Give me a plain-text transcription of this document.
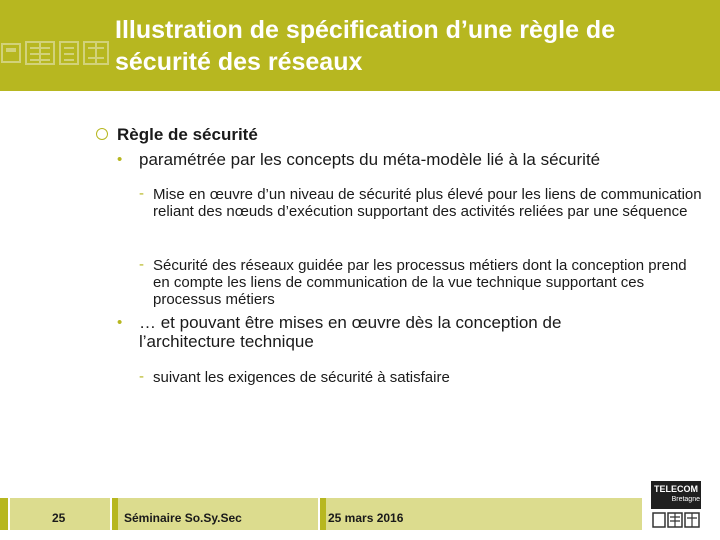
Illustration de spécification d’une règle de sécurité des réseaux
Règle de sécurité
• paramétrée par les concepts du méta-modèle lié à la sécurité
- Mise en œuvre d’un niveau de sécurité plus élevé pour les liens de communication reliant des nœuds d’exécution supportant des activités reliées par une séquence
- Sécurité des réseaux guidée par les processus métiers dont la conception prend en compte les liens de communication de la vue technique supportant ces processus métiers
• … et pouvant être mises en œuvre dès la conception de l’architecture technique
- suivant les exigences de sécurité à satisfaire
25	Séminaire So.Sy.Sec	25 mars 2016
TELECOM
Bretagne
